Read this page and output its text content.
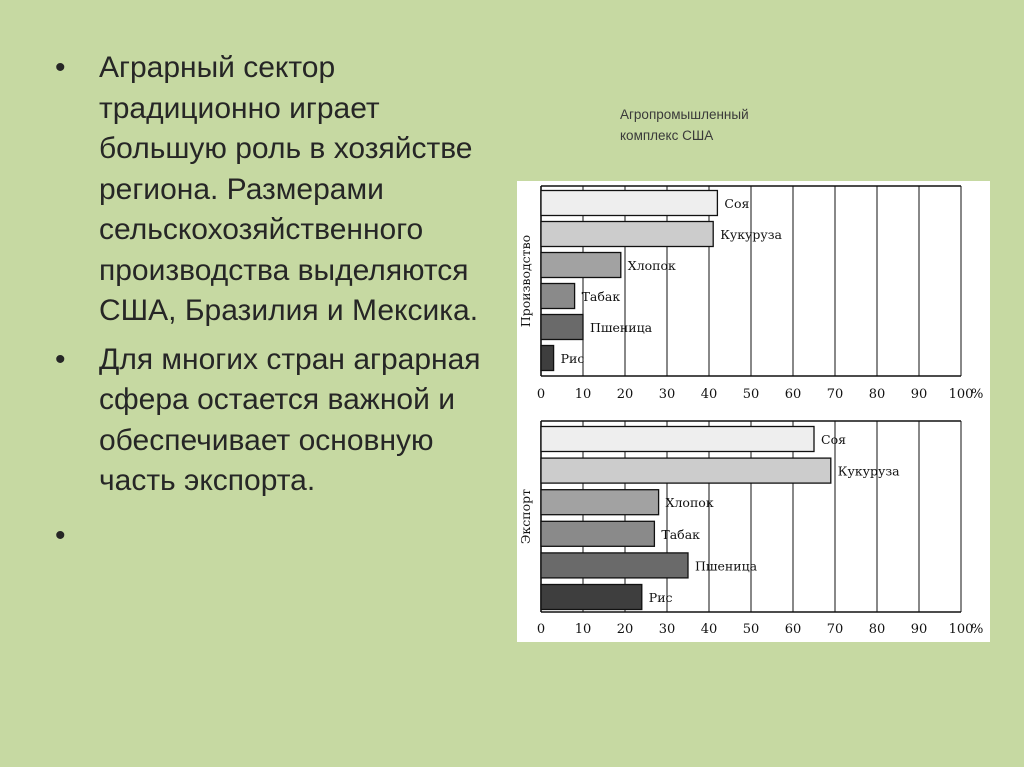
• Аграрный сектор традиционно играет большую роль в хозяйстве региона. Размерами сельскохозяйственного производства выделяются США, Бразилия и Мексика.
• Для многих стран аграрная сфера остается важной и обеспечивает основную часть экспорта.
•
Агропромышленный
комплекс США
Соя
Кукуруза
Хлопок
Табак
Пшеница
Рис
0 10 20 30 40 50 60 70 80 90 100
%
Производство
Соя
Кукуруза
Хлопок
Табак
Пшеница
Рис
0 10 20 30 40 50 60 70 80 90 100
%
Экспорт
